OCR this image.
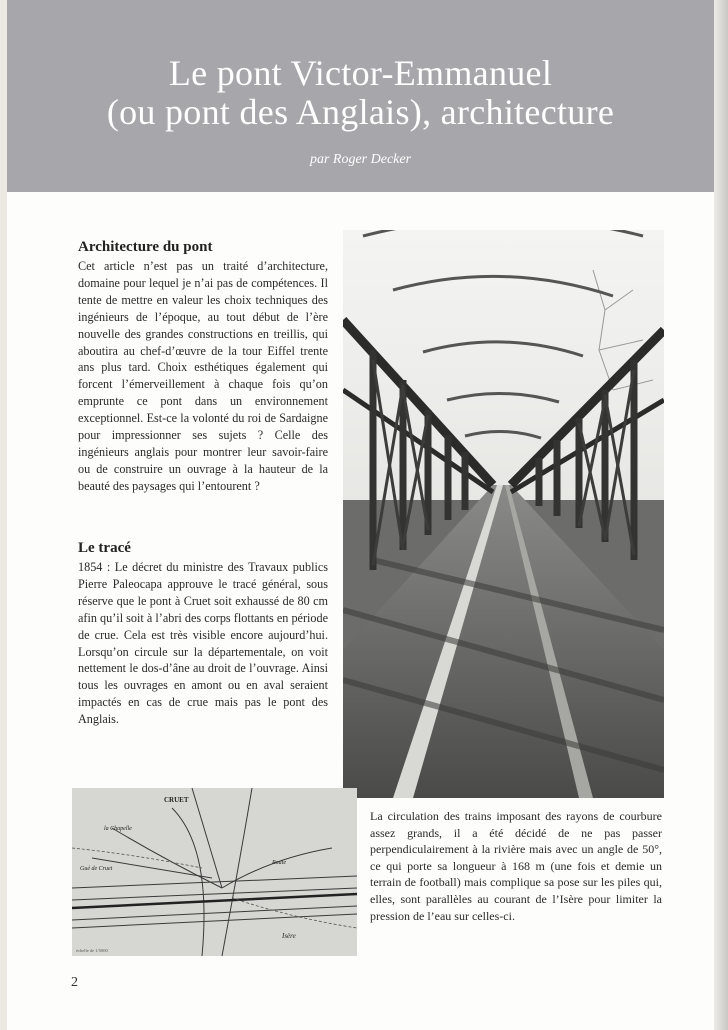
Le pont Victor-Emmanuel
(ou pont des Anglais), architecture
par Roger Decker
Architecture du pont
Cet article n’est pas un traité d’architecture, domaine pour lequel je n’ai pas de compétences. Il tente de mettre en valeur les choix techniques des ingénieurs de l’époque, au tout début de l’ère nouvelle des grandes constructions en treillis, qui aboutira au chef-d’œuvre de la tour Eiffel trente ans plus tard. Choix esthétiques également qui forcent l’émerveillement à chaque fois qu’on emprunte ce pont dans un environnement exceptionnel. Est-ce la volonté du roi de Sardaigne pour impressionner ses sujets ? Celle des ingénieurs anglais pour montrer leur savoir-faire ou de construire un ouvrage à la hauteur de la beauté des paysages qui l’entourent ?
Le tracé
1854 : Le décret du ministre des Travaux publics Pierre Paleocapa approuve le tracé général, sous réserve que le pont à Cruet soit exhaussé de 80 cm afin qu’il soit à l’abri des corps flottants en période de crue. Cela est très visible encore aujourd’hui. Lorsqu’on circule sur la départementale, on voit nettement le dos-d’âne au droit de l’ouvrage. Ainsi tous les ouvrages en amont ou en aval seraient impactés en cas de crue mais pas le pont des Anglais.
CRUET
la Chapelle
Gué de Cruet
Route
Isère
échelle de 1/5000
La circulation des trains imposant des rayons de courbure assez grands, il a été décidé de ne pas passer perpendiculairement à la rivière mais avec un angle de 50°, ce qui porte sa longueur à 168 m (une fois et demie un terrain de football) mais complique sa pose sur les piles qui, elles, sont parallèles au courant de l’Isère pour limiter la pression de l’eau sur celles-ci.
2
